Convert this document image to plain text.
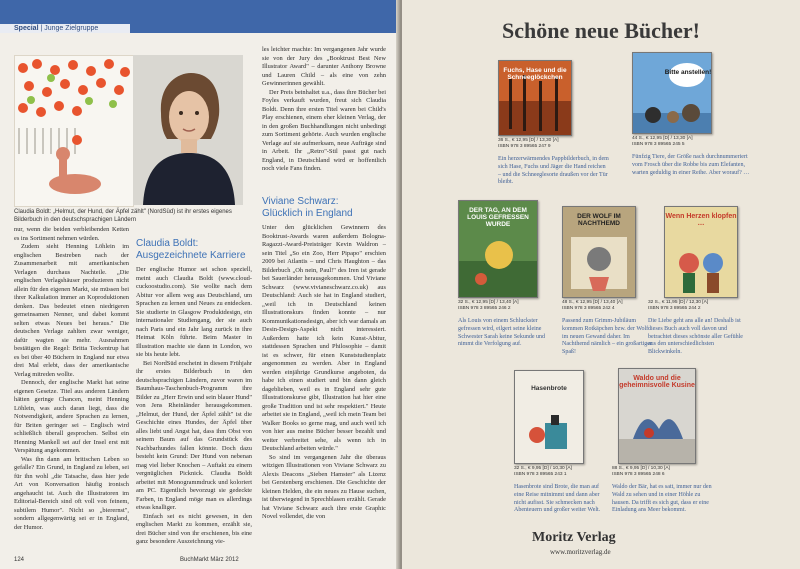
Special | Junge Zielgruppe
Claudia Boldt: „Helmut, der Hund, der Äpfel zählt" (NordSüd) ist ihr erstes eigenes Bilderbuch in den deutschsprachigen Ländern

nur, wenn die beiden verbleibenden Ketten es ins Sortiment nehmen würden.

Zudem sieht Henning Löhlein im englischen Bestreben nach der Zusammenarbeit mit amerikanischen Verlagen durchaus Nachteile. „Die englischen Verlagshäuser produzieren nicht allein für den eigenen Markt, sie müssen bei ihrer Kalkulation immer an Koproduktionen denken. Das bedeutet einen niedrigeren gemeinsamen Nenner, und dabei kommt selten etwas Neues bei heraus." Die deutschen Verlage zahlten zwar weniger, dafür wagten sie mehr. Ausnahmen bestätigen die Regel: Britta Teckentrup hat es bei über 40 Büchern in England nur etwa drei Mal erlebt, dass der amerikanische Verlag mitreden wollte.

Dennoch, der englische Markt hat seine eigenen Gesetze. Titel aus anderen Ländern hätten geringe Chancen, meint Henning Löhlein, was auch daran liegt, dass die Notwendigkeit, andere Sprachen zu lernen, für Briten geringer sei – Englisch wird schließlich überall gesprochen. Selbst ein Henning Mankell sei auf der Insel erst mit Verspätung angekommen.

Was ihn dann am britischen Leben so gefalle? Ein Grund, in England zu leben, sei für ihn wohl „die Tatsache, dass hier jede Art von Konversation häufig ironisch angehaucht ist. Auch die Illustratoren im Editorial-Bereich sind oft voll von feinem, subtilem Humor". Nicht so „bierernst", sondern allgegenwärtig sei er in England, der Humor.

Claudia Boldt:
Ausgezeichnete Karriere

Der englische Humor sei schon speziell, meint auch Claudia Boldt (www.cloud-cuckoostudio.com). Sie wollte nach dem Abitur vor allem weg aus Deutschland, um Sprachen zu lernen und Neues zu entdecken. Sie studierte in Glasgow Produktdesign, ein internationaler Studiengang, der sie auch nach Paris und ein Jahr lang zurück in ihre Heimat Köln führte. Beim Master in Illustration machte sie dann in London, wo sie bis heute lebt.

Bei NordSüd erscheint in diesem Frühjahr ihr erstes Bilderbuch in den deutschsprachigen Ländern, zuvor waren im Baumhaus-Taschenbuch-Programm ihre Bilder zu „Herr Erwin und sein blauer Hund" von Jens Rheinländer herausgekommen. „Helmut, der Hund, der Äpfel zählt" ist die Geschichte eines Hundes, der Äpfel über alles liebt und Angst hat, dass ihm Obst von seinem Baum auf das Grundstück des Nachbarhundes fallen könnte. Doch dazu besteht kein Grund: Der Hund von nebenan mag viel lieber Knochen – Auftakt zu einem vergnüglichen Picknick. Claudia Boldt arbeitet mit Monogrammdruck und koloriert am PC. Eigentlich bevorzugt sie gedeckte Farben, in England möge man es allerdings etwas knalliger.

Einfach sei es nicht gewesen, in den englischen Markt zu kommen, erzählt sie, drei Bücher sind von ihr erschienen, bis eine ganz besondere Auszeichnung vie-

les leichter machte: Im vergangenen Jahr wurde sie von der Jury des „Booktrust Best New Illustrator Award" – darunter Anthony Browne und Lauren Child – als eine von zehn Gewinnerinnen gewählt.

Der Preis beinhaltet u.a., dass ihre Bücher bei Foyles verkauft wurden, freut sich Claudia Boldt. Denn ihre ersten Titel waren bei Child's Play erschienen, einem eher kleinen Verlag, der in den großen Buchhandlungen nicht unbedingt zum Sortiment gehörte. Auch wurden englische Verlage auf sie aufmerksam, neue Aufträge sind in Arbeit. Ihr „Retro"-Stil passt gut nach England, in Deutschland wird er hoffentlich noch viele Fans finden.

Viviane Schwarz:
Glücklich in England

Unter den glücklichen Gewinnern des Booktrust-Awards waren außerdem Bologna-Ragazzi-Award-Preisträger Kevin Waldron – sein Titel „So ein Zoo, Herr Pipapo" erschien 2009 bei Atlantis – und Chris Haughton – das Bilderbuch „Oh nein, Paul!" des Iren ist gerade bei Sauerländer herausgekommen. Und Viviane Schwarz (www.vivianeschwarz.co.uk) aus Deutschland: Auch sie hat in England studiert, „weil ich in Deutschland keinen Illustrationskurs finden konnte – nur Kommunikationsdesign, aber ich war damals an Desin-Design-Aspekt nicht interessiert. Außerdem hatte ich kein Kunst-Abitur, stattdessen Sprachen und Philosophie – damit ist es schwer, für einen Kunststudienplatz angenommen zu werden. Aber in England werden einjährige Grundkurse angeboten, da habe ich einen studiert und bin dann gleich dageblieben, weil es in England sehr gute Illustrationskurse gibt, Illustration hat hier eine große Tradition und ist sehr respektiert." Heute arbeitet sie in England, „weil ich mein Team bei Walker Books so gerne mag, und auch weil ich von hier aus meine Bücher besser bezahlt und weiter verbreitet sehe, als wenn ich in Deutschland arbeiten würde."

So sind im vergangenen Jahr die überaus witzigen Illustrationen von Viviane Schwarz zu Alexis Deacons „Sieben Hamster" als Lizenz bei Gerstenberg erschienen. Die Geschichte der kleinen Helden, die ein neues zu Hause suchen, ist überwiegend in Sprechblasen erzählt. Gerade hat Viviane Schwarz auch ihre erste Graphic Novel vollendet, die von

124	BuchMarkt März 2012
Schöne neue Bücher!
Fuchs, Hase und die Schneeglöckchen
36 S., € 12,95 [D] / 13,30 [A]
ISBN 978 3 89565 247 9
Ein herzerwärmendes Pappbilderbuch, in dem sich Hase, Fuchs und Jäger die Hand reichen – und die Schneeglesorte draußen vor der Tür bleibt.
Bitte anstellen!
44 S., € 12,95 [D] / 13,30 [A]
ISBN 978 3 89565 245 5
Fünfzig Tiere, der Größe nach durchnummeriert vom Frosch über die Robbe bis zum Elefanten, warten geduldig in einer Reihe. Aber worauf? …
DER TAG, AN DEM LOUIS GEFRESSEN WURDE
32 S., € 12,95 [D] / 13,40 [A]
ISBN 978 3 89565 246 2
Als Louis von einem Schluckster gefressen wird, eilgert seine kleine Schwester Sarah keine Sekunde und nimmt die Verfolgung auf.
DER WOLF IM NACHTHEMD
48 S., € 12,95 [D] / 13,40 [A]
ISBN 978 3 89565 242 4
Passend zum Grimm-Jubiläum kommen Rotkäpchen bzw. der Wolf im neuen Gewand daher. Im Nachthemd nämlich – ein großartiger Spaß!
Wenn Herzen klopfen …
32 S., € 11,95 [D] / 12,30 [A]
ISBN 978 3 89565 244 2
Die Liebe geht ans alle an! Deshalb ist dieses Buch auch voll davon und betrachtet dieses schönste aller Gefühle aus den unterschiedlichsten Blickwinkeln.
Hasenbrote
32 S., € 9,95 [D] / 10,30 [A]
ISBN 978 3 89565 243 1
Hasenbrote sind Brote, die man auf eine Reise mitnimmt und dann aber nicht aufisst. Sie schmecken nach Abenteuern und großer weiter Welt.
Waldo und die geheimnisvolle Kusine
88 S., € 9,95 [D] / 10,30 [A]
ISBN 978 3 89565 248 6
Waldo der Bär, hat es satt, immer nur den Wald zu sehen und in einer Höhle zu hausen. Da trifft es sich gut, dass er eine Einladung ans Meer bekommt.
Moritz Verlag
www.moritzverlag.de
